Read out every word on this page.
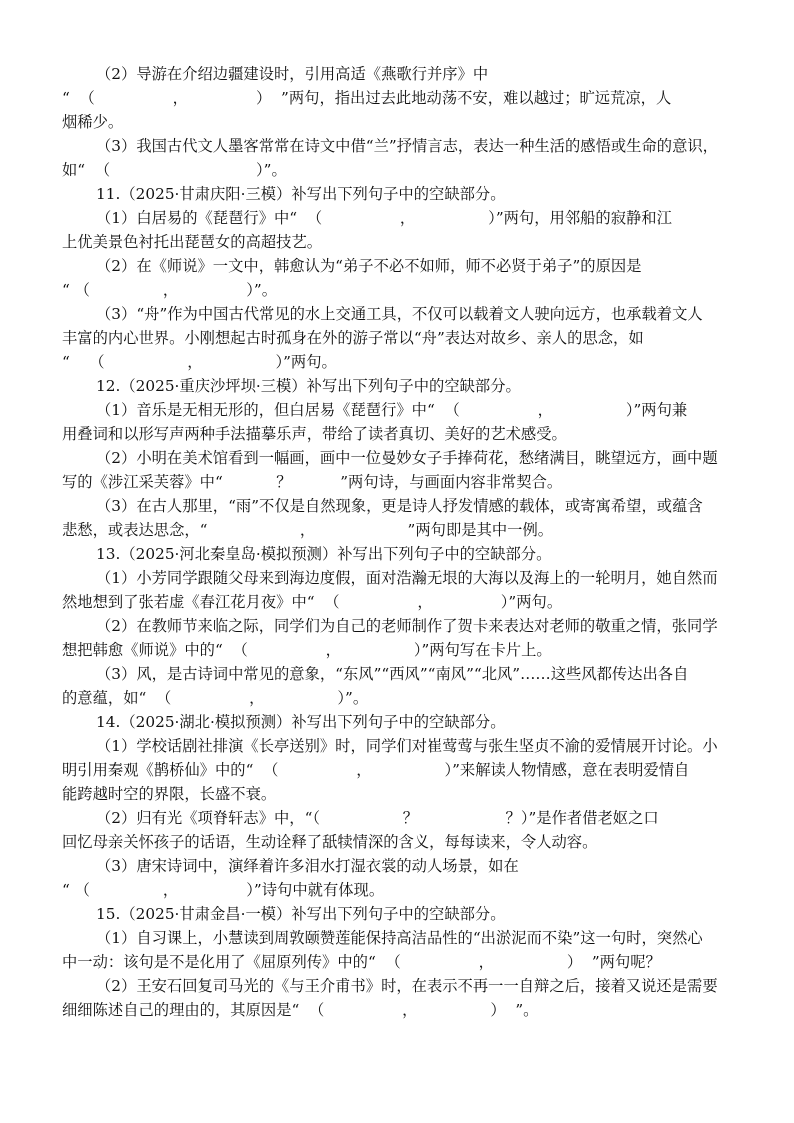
（2）导游在介绍边疆建设时，引用高适《燕歌行并序》中
“  （                ，              ）  ”两句，指出过去此地动荡不安，难以越过；旷远荒凉，人
烟稀少。
（3）我国古代文人墨客常常在诗文中借“兰”抒情言志，表达一种生活的感悟或生命的意识，
如“  （                              ）”。
11.（2025·甘肃庆阳·三模）补写出下列句子中的空缺部分。
（1）白居易的《琵琶行》中“  （                ，               ）”两句，用邻船的寂静和江
上优美景色衬托出琵琶女的高超技艺。
（2）在《师说》一文中，韩愈认为“弟子不必不如师，师不必贤于弟子”的原因是
“ （               ，              ）”。
（3）“舟”作为中国古代常见的水上交通工具，不仅可以载着文人驶向远方，也承载着文人
丰富的内心世界。小刚想起古时孤身在外的游子常以“舟”表达对故乡、亲人的思念，如
“    （                 ，               ）”两句。
12.（2025·重庆沙坪坝·三模）补写出下列句子中的空缺部分。
（1）音乐是无相无形的，但白居易《琵琶行》中“  （                ，               ）”两句兼
用叠词和以形写声两种手法描摹乐声，带给了读者真切、美好的艺术感受。
（2）小明在美术馆看到一幅画，画中一位曼妙女子手捧荷花，愁绪满目，眺望远方，画中题
写的《涉江采芙蓉》中“           ？          ”两句诗，与画面内容非常契合。
（3）在古人那里，“雨”不仅是自然现象，更是诗人抒发情感的载体，或寄寓希望，或蕴含
悲愁，或表达思念，“                   ，                   ”两句即是其中一例。
13.（2025·河北秦皇岛·模拟预测）补写出下列句子中的空缺部分。
（1）小芳同学跟随父母来到海边度假，面对浩瀚无垠的大海以及海上的一轮明月，她自然而
然地想到了张若虚《春江花月夜》中“  （                ，              ）”两句。
（2）在教师节来临之际，同学们为自己的老师制作了贺卡来表达对老师的敬重之情，张同学
想把韩愈《师说》中的“  （                ，               ）”两句写在卡片上。
（3）风，是古诗词中常见的意象，“东风”“西风”“南风”“北风”……这些风都传达出各自
的意蕴，如“  （                ，               ）”。
14.（2025·湖北·模拟预测）补写出下列句子中的空缺部分。
（1）学校话剧社排演《长亭送别》时，同学们对崔莺莺与张生坚贞不渝的爱情展开讨论。小
明引用秦观《鹊桥仙》中的“  （                ，               ）”来解读人物情感，意在表明爱情自
能跨越时空的界限，长盛不衰。
（2）归有光《项脊轩志》中，“（                 ？                  ？）”是作者借老妪之口
回忆母亲关怀孩子的话语，生动诠释了舐犊情深的含义，每每读来，令人动容。
（3）唐宋诗词中，演绎着许多泪水打湿衣裳的动人场景，如在
“ （               ，              ）”诗句中就有体现。
15.（2025·甘肃金昌·一模）补写出下列句子中的空缺部分。
（1）自习课上，小慧读到周敦颐赞莲能保持高洁品性的“出淤泥而不染”这一句时，突然心
中一动：该句是不是化用了《屈原列传》中的“  （                ，               ）  ”两句呢？
（2）王安石回复司马光的《与王介甫书》时，在表示不再一一自辩之后，接着又说还是需要
细细陈述自己的理由的，其原因是“  （                ，               ）  ”。
